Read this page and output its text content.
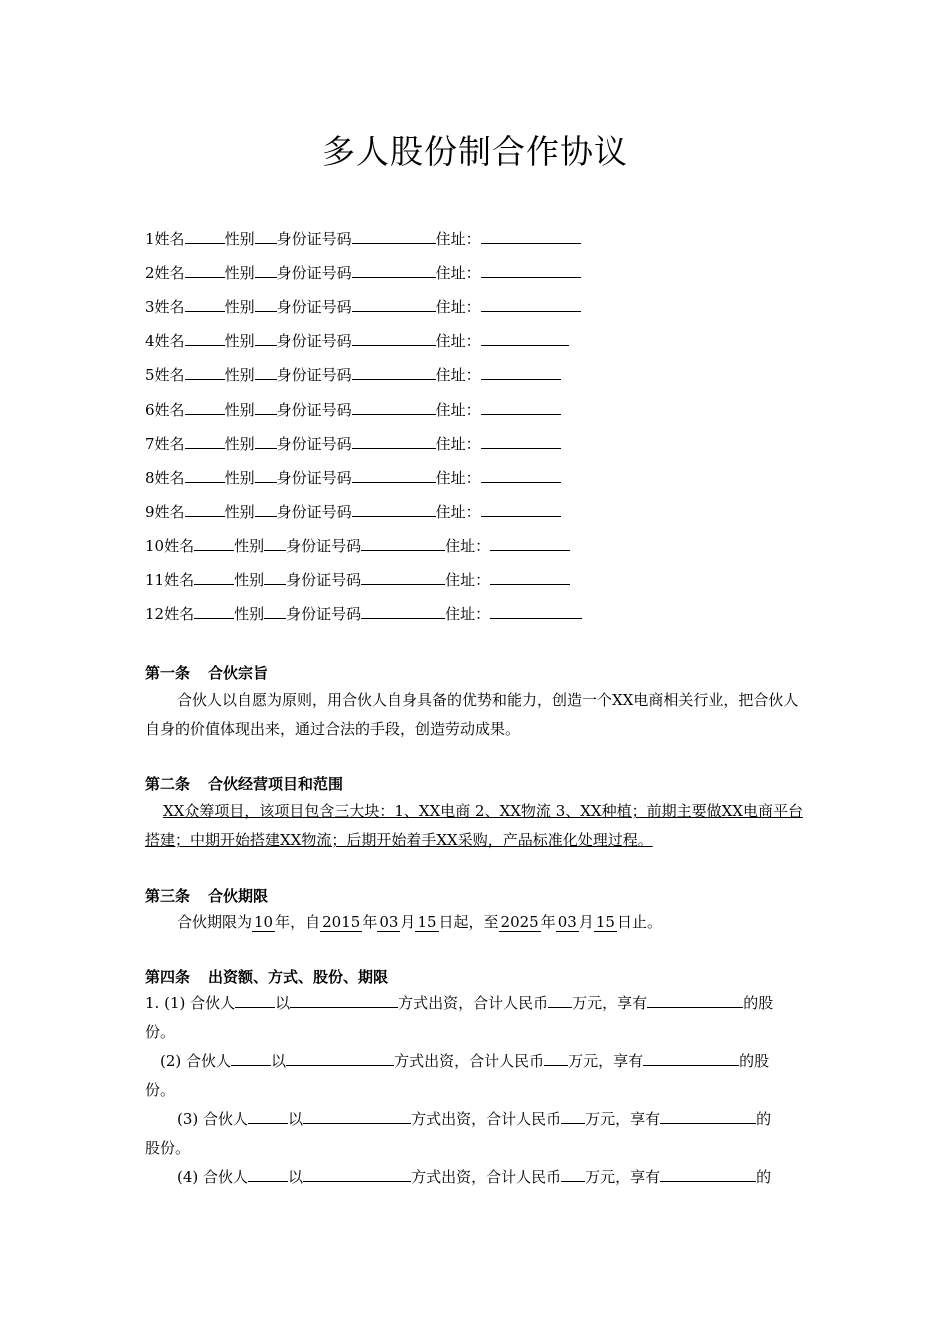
多人股份制合作协议
1姓名	性别 身份证号码	住址：
2姓名	性别 身份证号码	住址：
3姓名	性别 身份证号码	住址：
4姓名	性别 身份证号码	住址：
5姓名	性别 身份证号码	住址：
6姓名	性别 身份证号码	住址：
7姓名	性别 身份证号码	住址：
8姓名	性别 身份证号码	住址：
9姓名	性别 身份证号码	住址：
10姓名	性别 身份证号码	住址：
11姓名	性别 身份证号码	住址：
12姓名	性别 身份证号码	住址：
第一条 合伙宗旨

合伙人以自愿为原则，用合伙人自身具备的优势和能力，创造一个XX电商相关行业，把合伙人自身的价值体现出来，通过合法的手段，创造劳动成果。

第二条 合伙经营项目和范围

XX众筹项目，该项目包含三大块：1、XX电商 2、XX物流 3、XX种植；前期主要做XX电商平台搭建；中期开始搭建XX物流；后期开始着手XX采购，产品标准化处理过程。

第三条 合伙期限

合伙期限为 10 年，自 2015 年 03 月 15 日起，至 2025 年 03 月 15 日止。

第四条 出资额、方式、股份、期限
1. (1) 合伙人	以	方式出资，合计人民币 万元，享有	的股
份。
(2) 合伙人	以	方式出资，合计人民币 万元，享有	的股
份。
(3) 合伙人	以	方式出资，合计人民币 万元，享有	的
股份。
(4) 合伙人	以	方式出资，合计人民币 万元，享有	的
